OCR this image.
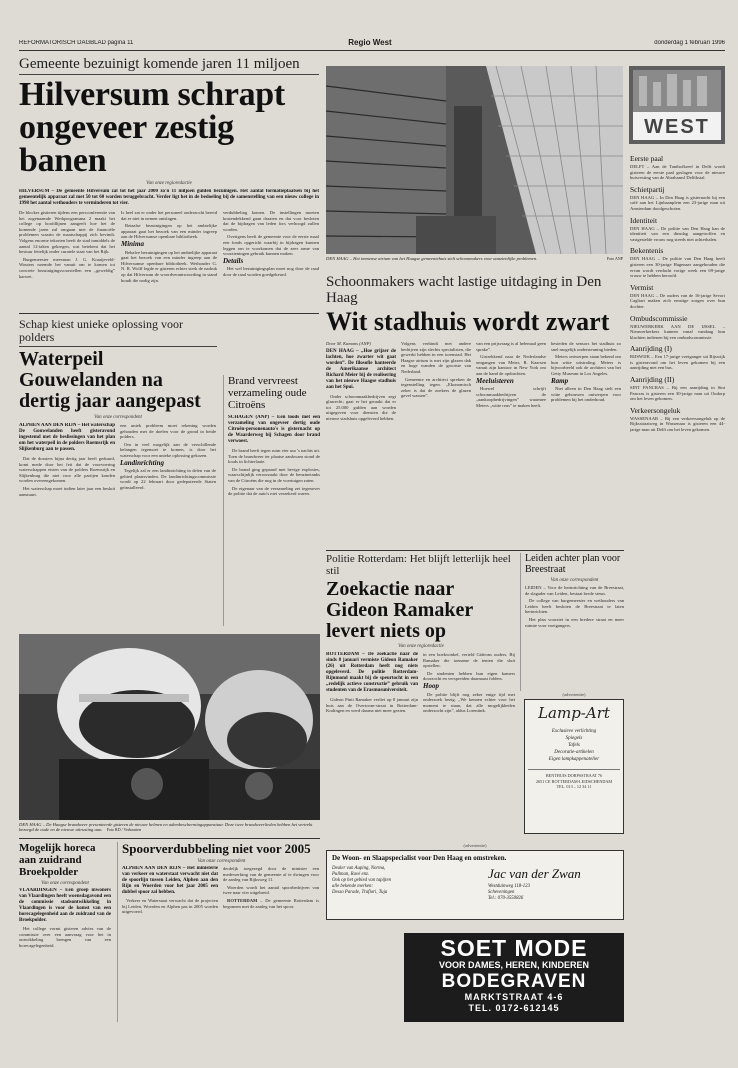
REFORMATORISCH DAGBLAD pagina 11	Regio West	donderdag 1 februari 1996
Gemeente bezuinigt komende jaren 11 miljoen
Hilversum schrapt ongeveer zestig banen
Van onze regioredactie
HILVERSUM – De gemeente Hilversum zal tot het jaar 2000 zo'n 11 miljoen gulden bezuinigen. Het aantal formatieplaatsen bij het gemeentelijk apparaat zal met 50 tot 60 worden teruggebracht. Verder ligt het in de bedoeling bij de samenstelling van een nieuw college in 1998 het aantal wethouders te verminderen tot vier.

De blocker gistteren tijdens een persconferentie van het zogenaamde Werkprogramma 2 maakt het college op hoofdlijnen aangeeft hoe het de komende jaren zal omgaan met de financiële problemen waarin de maatschappij zich bevindt. Volgens enorme tekorten heeft de stad inmiddels de aantal 12-taken gekregen, wat betekent dat het bestuur feitelijk onder curatele staat van het Rijk.

Burgemeester meesman J. G. Kraaijeveld-Wouters noemde het vanuit om te komen tot concrete bezuinigingsvoorstellen een „geweldig” karwei.

Is heel zat er onder het personeel onderzocht bereid dat er niet in nemen ontslagen.

Betaalse bezuinigingen op het ambtelijke apparaat gaat het bezoek van een minder ingreep aan de Hilversumse openbare bibliotheek.

Minima

Behalve bezuinigingen op het ambtelijke apparaat gaat het bezoek van een minder ingreep aan de Hilversumse openbare bibliotheek. Wethouder G. N. R. Wolff legde er gisteren echter sterk de nadruk op dat Hilversum de woordverantwoording in stand houdt die nodig zijn.

verdubbeling komen. De instellingen moeten kostendekkend gaan draaien en dat voor besloten dat de bijdragen van leden fors verhoogd zullen worden.

Overigens heeft de gemeente voor de eerste maal een fonds opgericht waarbij in bijdragen kunnen leggen om te voorkomen dat de zeer arme van voorzieningen gebruik kunnen maken.

Details

Het wel bezuinigingsplan moet nog door de raad door de raad worden goedgekeurd.

DEN HAAG – Het immense atrium van het Haagse gemeentehuis stelt schoonmakers voor aanzienlijke problemen.	Foto ANP
WEST
Eerste paal

DELFT – Aan de Tanthofkreef in Delft wordt gisteren de eerste paal geslagen voor de nieuwe huisvesting van de Abrahamsl Delftkstal.

Schietpartij

DEN HAAG – In Den Haag is gisternacht bij een café aan het Lijnbaanplein een 23-jarige man uit Amsterdam doodgeschoten.

Identiteit

DEN HAAG – De politie van Den Haag kan de identiteit van een dinsdag aangetroffen en vastgestelde vrouw nog steeds niet achterhalen.

Bekentenis

DEN HAAG – De politie van Den Haag heeft gisteren een 30-jarige Hagenaar aangehouden die ervan wordt verdacht vorige week een 69-jarige vrouw te hebben beroofd.

Vermist

DEN HAAG – De ouders van de 16-jarige Sevori Cagliari maken zich ernstige zorgen over hun dochter.

Ombudscommissie

NIEUWERKERK AAN DE IJSSEL – Nieuwerkerkers kunnen vanaf vandaag hun klachten indienen bij een ombudscommissie.

Aanrijding (I)

RIJSWIJK – Een 17-jarige voetganger uit Rijswijk is gisteravond om het leven gekomen bij een aanrijding met een bus.

Aanrijding (II)

SINT PANCRAS – Bij een aanrijding in Sint Pancras is gisteren een 30-jarige man uit Oudorp om het leven gekomen.

Verkeersongeluk

WASSENAAR – Bij een verkeersongeluk op de Rijksstraatweg in Wassenaar is gisteren een 44-jarige man uit Delft om het leven gekomen.

Schoonmakers wacht lastige uitdaging in Den Haag
Wit stadhuis wordt zwart
Door M. Kamans (ANP)
DEN HAAG – „Hoe grijzer de lachten, hoe zwarter wit gaat worden”. De filosofie hanteerde de Amerikaanse architect Richard Meier bij de realisering van het nieuwe Haagse stadhuis aan het Spui.

Onder schoonmaakbedrijven zegt glasrecht; gaat er het geraakt dat er tot 25.000 gulden aan worden uitgegeven voor diensten die de nieuwe stadshuis opgeleverd hebben.

Volgens verbindt met andere bedrijven zijn slechts specialisten, die gewerkt hebben in een torenstad. Het Haagse atrium is met zijn glazen dak en hoge wanden de grootste van Nederland.

Gemeente en architect spreken de tegenstelling tegen. „Ekonomisch zeker is dat de zoekers de glazen gevel wassen”.

van een prijsvraag is al helemaal geen sprake”.

Gistrekkend naar de Nederlandse omgangen van Meier, R. Kaarsen vanuit zijn kantoor in New York om aan de hand de opdrachten.

Meeluisteren

Hoewel schrijft schoonmaakbedrijven de „aankoopbedrijvingen” waarmee Meiers „witte reus” te maken heeft.

besteden de sensors het stadhuis zo snel mogelijk ondersteuning bieden.

Meiers ontwerpen staan bekend om hun witte uitstraling. Meiers is bijvoorbeeld ook de architect van het Getty Museum in Los Angeles.

Ramp

Niet alleen in Den Haag stelt een witte gebouwen ontwerpen voor problemen bij het onderhoud.

Schap kiest unieke oplossing voor polders
Waterpeil Gouwelanden na dertig jaar aangepast
Van onze correspondent
ALPHEN AAN DEN RIJN – Het waterschap De Gouwelanden heeft gisteravond ingestemd met de beslissingen van het plan om het waterpeil in de polders Roemsrijk en Slijkenburg aan te passen.

Dat de dossiers bijna dertig jaar heeft geduurd, komt mede door het feit dat de voorvoering waterschappen eisten van de polders Roemsrijk en Slijkenburg die niet voor alle partijen konden worden overeengekomen.

Het waterschap moet indien later jaar een besluit aanstuurt.

een uniek probleem moet rekening worden gehouden met de doelen voor de grond in beide polders.

Om in veel mogelijk aan de verschillende belangen tegemoet te komen, is door het waterschap voor een unieke oplossing gekozen.

Landinrichting

Tegelijk zal er een landinrichting in delen van de gebied plaatsvinden. De landinrichtingscommissie wordt op 22 februari door gedeputeerde Staten geïnstalleerd.

Brand vervreest verzameling oude Citroëns
SCHAGEN (ANP) – Een loods met een verzameling van ongeveer dertig oude Citroën-personenauto's is gisternacht op de Waarderweg bij Schagen door brand verwoest.

De brand heeft tegen ruim vier uur 's nachts uit. Toen de brandweer ter plaatse aankwam stond de loods in lichterlaaie.

De brand ging gepaard met hevige explosies, waarschijnlijk veroorzaakt door de benzinetanks van de Citroëns die nog in de voertuigen zaten.

De eigenaar van de verzameling zei tegenover de politie dat de auto's niet verzekerd waren.

Politie Rotterdam: Het blijft letterlijk heel stil
Zoekactie naar Gideon Ramaker levert niets op
Van onze regioredactie
ROTTERDAM – De zoekactie naar de sinds 8 januari vermiste Gideon Ramaker (26) uit Rotterdam heeft nog niets opgeleverd. De politie Rotterdam-Rijnmond maakt bij de speurtocht in een „redelijk actieve constructie” gebruik van studenten van de Erasmusuniversiteit.

Gideon Pinti Ramaker verliet op 8 januari zijn huis aan de Overtoom-straat in Rotterdam-Kralingen en werd daarna niet meer gezien.

in een boekwinkel, verteld Gideons ouders. Bij Ramaker die toename de tenten die sluit opstellen.

De studenten hebben hun eigen kamers doorzocht en verspreiden daarnaast folders.

Hoop

De politie blijft nog zeker enige tijd met onderzoek bezig. „We kennen echter voor het moment te staan, dat alle mogelijkheden onderzocht zijn”, aldus Lorentink.

Leiden achter plan voor Breestraat
Van onze correspondent
LEIDEN – Voor de herinrichting van de Breestraat, de slagader van Leiden, bestaat brede steun.

De college van burgemeester en wethouders van Leiden heeft besloten de Breestraat te laten herinrichten.

Het plan voorziet in een bredere straat en meer ruimte voor voetgangers.

(advertentie)
Lamp-Art
Exclusieve verlichting
Spiegels
Tafels
Decoratie-artikelen
Eigen lampkappenatelier
BENTHUIS DORPSSTRAAT 76
2651 CE ROTTERDAM-LEIDSCHENDAM
TEL. 013 – 12 34 11
(advertentie)
De Woon- en Slaapspecialist voor Den Haag en omstreken.
Dealer van Auping, Norma,
Pullman, Ravé enz.
Ook op het gebied van tapijten
alle bekende merken:
Desso Parade, Trafiori, Tuja
Jac van der Zwan
Westduinweg 118-123
Scheveningen
Tel.: 070-3550826
SOET MODE
VOOR DAMES, HEREN, KINDEREN
BODEGRAVEN
MARKTSTRAAT 4-6
TEL. 0172-612145
DEN HAAG – De Haagse brandweer presenteerde gisteren de nieuwe helmen en adembeschermingapparatuur. Deze twee brandweerlieden hebben het vertrekt bezorgd de oude en de nieuwe uitrusting aan. Foto RD / Verbaarten
Mogelijk horeca aan zuidrand Broekpolder
Van onze correspondent
VLAARDINGEN – Een groep inwoners van Vlaardingen heeft woensdagavond een de commissie stadsontwikkeling in Vlaardingen is voor de komst van een horecagelegenheid aan de zuidrand van de Broekpolder.

Het college vormt gisteren advies van de commissie over een aanvraag voor het in ontwikkeling brengen van een horecagelegenheid.

Spoorverdubbeling niet voor 2005
Van onze correspondent
ALPHEN AAN DEN RIJN – Het ministerie van verkeer en waterstaat verwacht niet dat de spoorlijn tussen Leiden, Alphen aan den Rijn en Woerden voor het jaar 2005 een dubbel spoor zal hebben.

Verkeer en Waterstaat verwacht dat de projecten bij Leiden, Woerden en Alphen pas in 2005 worden uitgevoerd.

derdeljk toegezegd door de minister een medewerking van de gemeente af te dwingen voor de aanleg van Rijksweg 11.

Woerden wordt het aantal spoorbedrijven van twee naar vier uitgebreid.

ROTTERDAM – De gemeente Rotterdam is begonnen met de aanleg van het spoor.
